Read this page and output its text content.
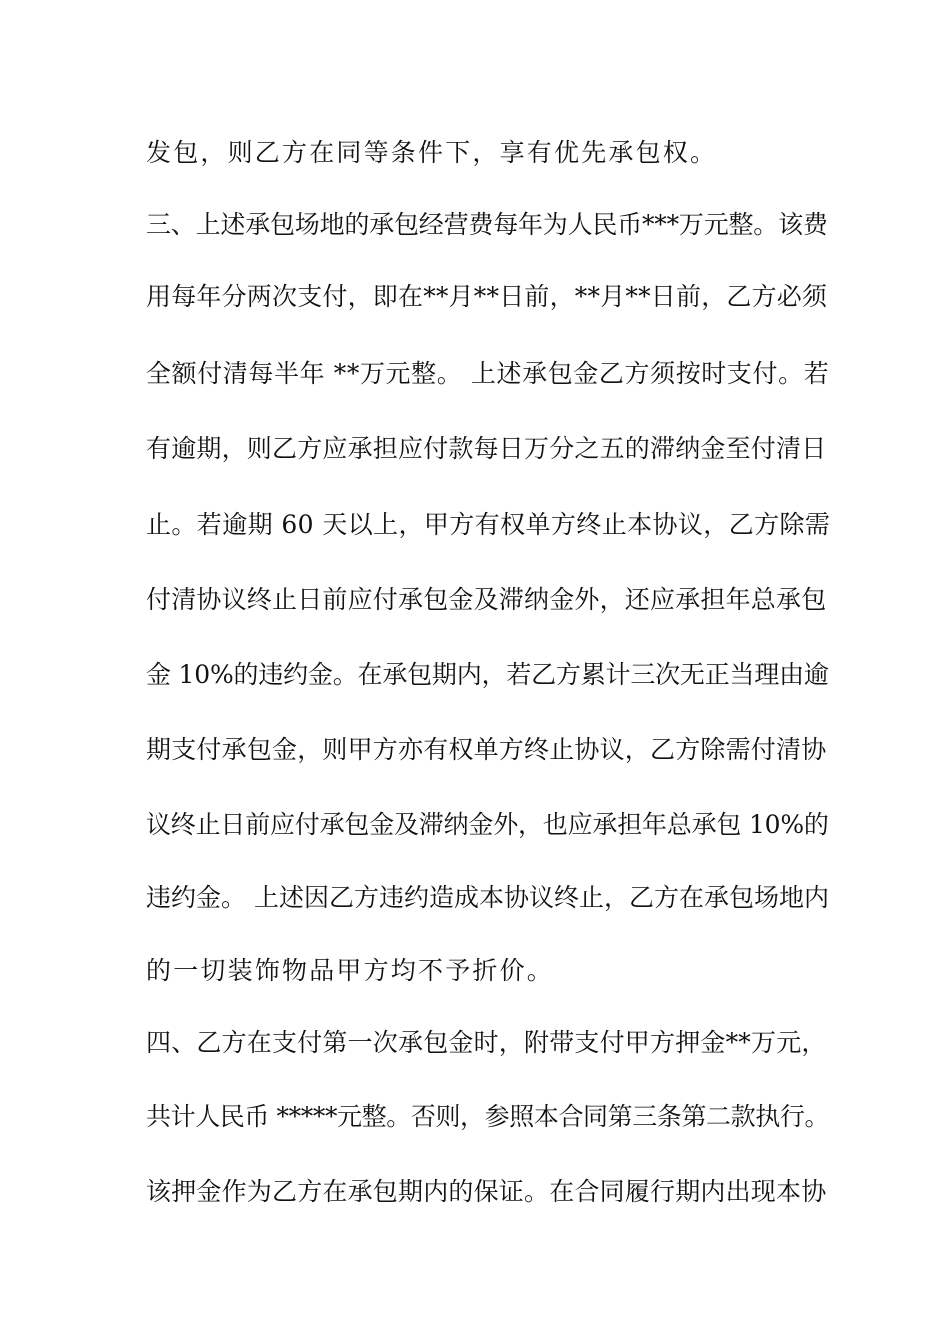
发包，则乙方在同等条件下，享有优先承包权。
三、上述承包场地的承包经营费每年为人民币***万元整。该费
用每年分两次支付，即在**月**日前，**月**日前，乙方必须
全额付清每半年 **万元整。 上述承包金乙方须按时支付。若
有逾期，则乙方应承担应付款每日万分之五的滞纳金至付清日
止。若逾期 60 天以上，甲方有权单方终止本协议，乙方除需
付清协议终止日前应付承包金及滞纳金外，还应承担年总承包
金 10%的违约金。在承包期内，若乙方累计三次无正当理由逾
期支付承包金，则甲方亦有权单方终止协议，乙方除需付清协
议终止日前应付承包金及滞纳金外，也应承担年总承包 10%的
违约金。 上述因乙方违约造成本协议终止，乙方在承包场地内
的一切装饰物品甲方均不予折价。
四、乙方在支付第一次承包金时，附带支付甲方押金**万元，
共计人民币 *****元整。否则，参照本合同第三条第二款执行。
该押金作为乙方在承包期内的保证。在合同履行期内出现本协
